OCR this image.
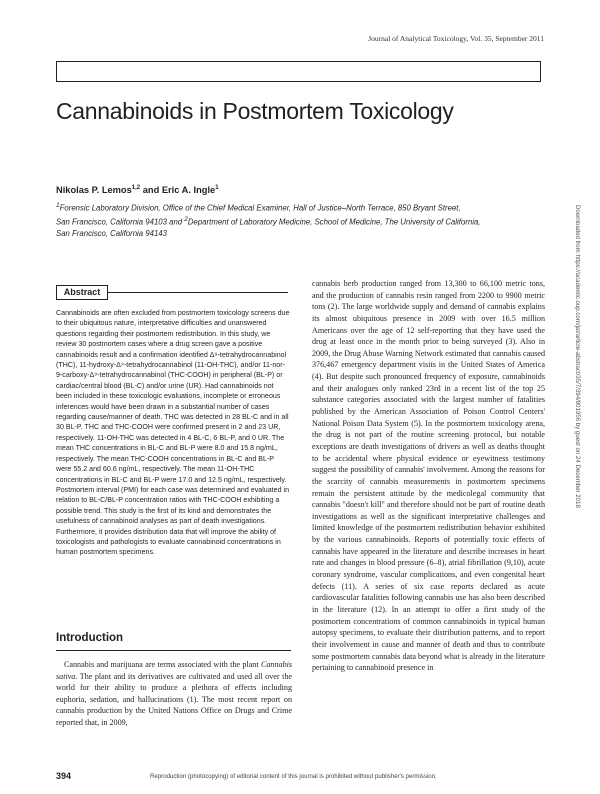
Journal of Analytical Toxicology, Vol. 35, September 2011
Cannabinoids in Postmortem Toxicology
Nikolas P. Lemos$^{1,2}$ and Eric A. Ingle$^1$
$^1$Forensic Laboratory Division, Office of the Chief Medical Examiner, Hall of Justice–North Terrace, 850 Bryant Street,
San Francisco, California 94103 and $^2$Department of Laboratory Medicine, School of Medicine, The University of California,
San Francisco, California 94143	Downloaded from https://academic.oup.com/jat/article-abstract/35/7/394/801956 by guest on 24 December 2018
Abstract
Cannabinoids are often excluded from postmortem toxicology screens due to their ubiquitous nature, interpretative difficulties and unanswered questions regarding their postmortem redistribution. In this study, we review 30 postmortem cases where a drug screen gave a positive cannabinoids result and a confirmation identified Δ⁹-tetrahydrocannabinol (THC), 11-hydroxy-Δ⁹-tetrahydrocannabinol (11-OH-THC), and/or 11-nor-9-carboxy-Δ⁹-tetrahydrocannabinol (THC-COOH) in peripheral (BL-P) or cardiac/central blood (BL-C) and/or urine (UR). Had cannabinoids not been included in these toxicologic evaluations, incomplete or erroneous inferences would have been drawn in a substantial number of cases regarding cause/manner of death. THC was detected in 28 BL-C and in all 30 BL-P. THC and THC-COOH were confirmed present in 2 and 23 UR, respectively. 11-OH-THC was detected in 4 BL-C, 6 BL-P, and 0 UR. The mean THC concentrations in BL-C and BL-P were 8.0 and 15.8 ng/mL, respectively. The mean THC-COOH concentrations in BL-C and BL-P were 55.2 and 60.6 ng/mL, respectively. The mean 11-OH-THC concentrations in BL-C and BL-P were 17.0 and 12.5 ng/mL, respectively. Postmortem interval (PMI) for each case was determined and evaluated in relation to BL-C/BL-P concentration ratios with THC-COOH exhibiting a possible trend. This study is the first of its kind and demonstrates the usefulness of cannabinoid analyses as part of death investigations. Furthermore, it provides distribution data that will improve the ability of toxicologists and pathologists to evaluate cannabinoid concentrations in human postmortem specimens.
Introduction
Cannabis and marijuana are terms associated with the plant Cannabis sativa. The plant and its derivatives are cultivated and used all over the world for their ability to produce a plethora of effects including euphoria, sedation, and hallucinations (1). The most recent report on cannabis production by the United Nations Office on Drugs and Crime reported that, in 2009,
cannabis herb production ranged from 13,300 to 66,100 metric tons, and the production of cannabis resin ranged from 2200 to 9900 metric tons (2). The large worldwide supply and demand of cannabis explains its almost ubiquitous presence in 2009 with over 16.5 million Americans over the age of 12 self-reporting that they have used the drug at least once in the month prior to being surveyed (3). Also in 2009, the Drug Abuse Warning Network estimated that cannabis caused 376,467 emergency department visits in the United States of America (4). But despite such pronounced frequency of exposure, cannabinoids and their analogues only ranked 23rd in a recent list of the top 25 substance categories associated with the largest number of fatalities published by the American Association of Poison Control Centers' National Poison Data System (5). In the postmortem toxicology arena, the drug is not part of the routine screening protocol, but notable exceptions are death investigations of drivers as well as deaths thought to be accidental where physical evidence or eyewitness testimony suggest the possibility of cannabis' involvement. Among the reasons for the scarcity of cannabis measurements in postmortem specimens remain the persistent attitude by the medicolegal community that cannabis "doesn't kill" and therefore should not be part of routine death investigations as well as the significant interpretative challenges and limited knowledge of the postmortem redistribution behavior exhibited by the various cannabinoids. Reports of potentially toxic effects of cannabis have appeared in the literature and describe increases in heart rate and changes in blood pressure (6–8), atrial fibrillation (9,10), acute coronary syndrome, vascular complications, and even congenital heart defects (11). A series of six case reports declared as acute cardiovascular fatalities following cannabis use has also been described in the literature (12). In an attempt to offer a first study of the postmortem concentrations of common cannabinoids in typical human autopsy specimens, to evaluate their distribution patterns, and to report their involvement in cause and manner of death and thus to contribute some postmortem cannabis data beyond what is already in the literature pertaining to cannabinoid presence in
394	Reproduction (photocopying) of editorial content of this journal is prohibited without publisher's permission.
